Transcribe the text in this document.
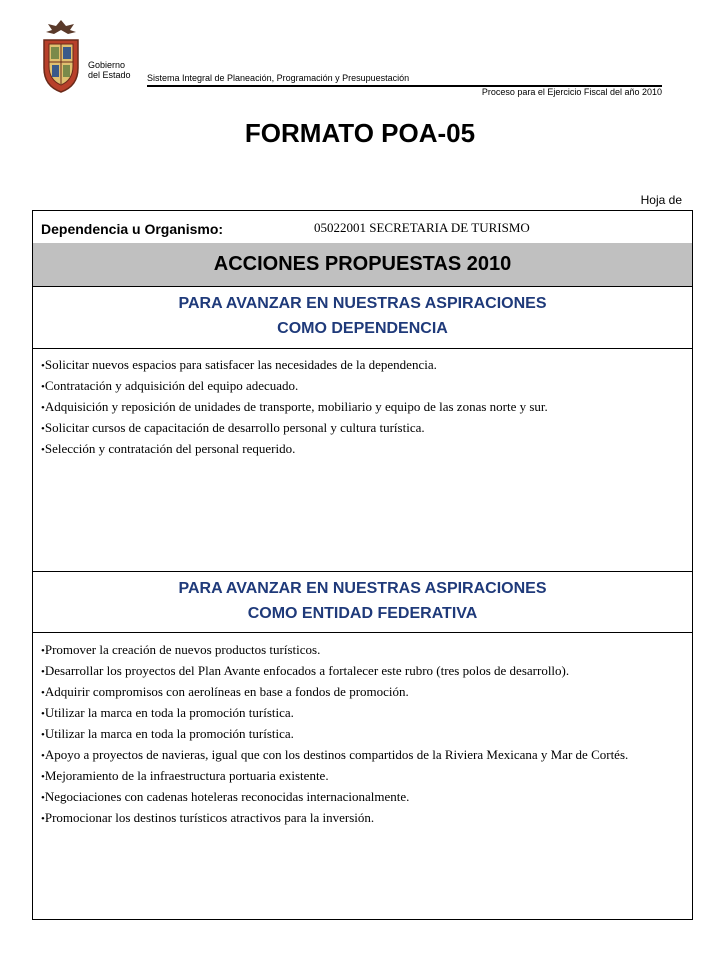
Gobierno
del Estado Sistema Integral de Planeación, Programación y Presupuestación
Proceso para el Ejercicio Fiscal del año 2010
FORMATO POA-05
Hoja de
Dependencia u Organismo:	05022001 SECRETARIA DE TURISMO
ACCIONES PROPUESTAS 2010
PARA AVANZAR EN NUESTRAS ASPIRACIONES
COMO DEPENDENCIA
• Solicitar nuevos espacios para satisfacer las necesidades de la dependencia.
• Contratación y adquisición del equipo adecuado.
• Adquisición y reposición de unidades de transporte, mobiliario y equipo de las zonas norte y sur.
• Solicitar cursos de capacitación de desarrollo personal y cultura turística.
• Selección y contratación del personal requerido.
PARA AVANZAR EN NUESTRAS ASPIRACIONES
COMO ENTIDAD FEDERATIVA
• Promover la creación de nuevos productos turísticos.
• Desarrollar los proyectos del Plan Avante enfocados a fortalecer este rubro (tres polos de desarrollo).
• Adquirir compromisos con aerolíneas en base a fondos de promoción.
• Utilizar la marca en toda la promoción turística.
• Utilizar la marca en toda la promoción turística.
• Apoyo a proyectos de navieras, igual que con los destinos compartidos de la Riviera Mexicana y Mar de Cortés.
• Mejoramiento de la infraestructura portuaria existente.
• Negociaciones con cadenas hoteleras reconocidas internacionalmente.
• Promocionar los destinos turísticos atractivos para la inversión.
